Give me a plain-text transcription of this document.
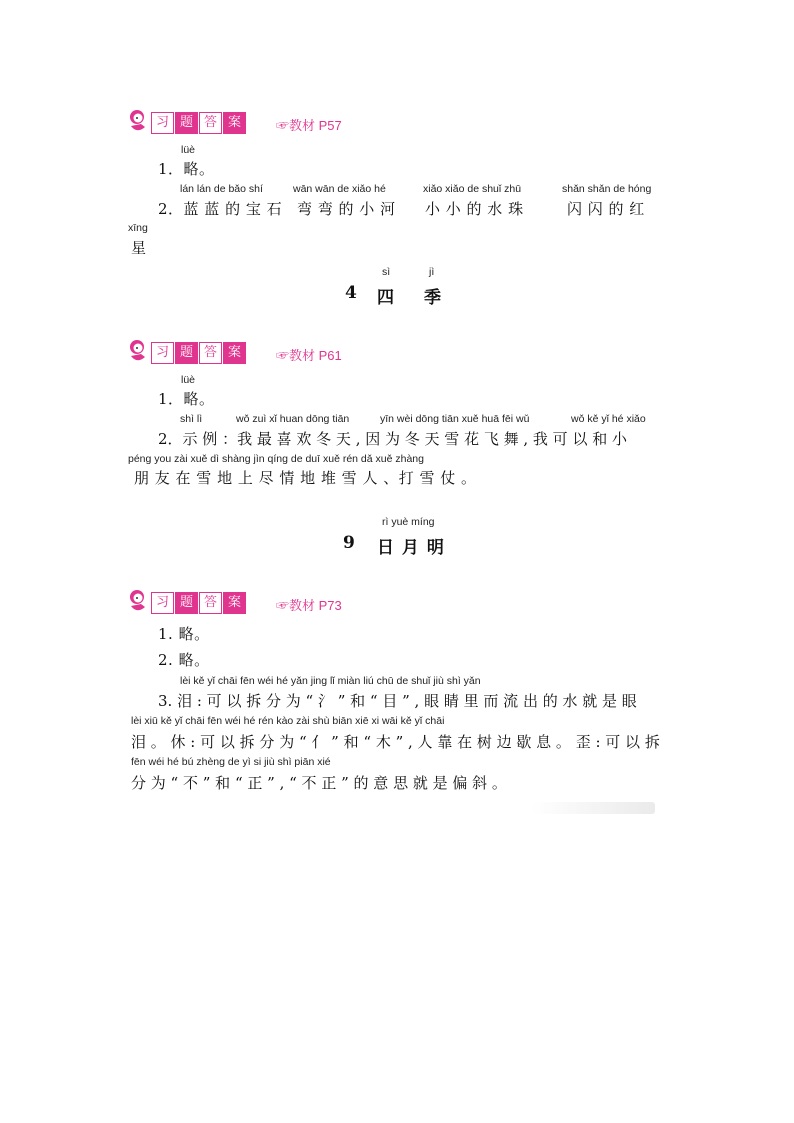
习 题 答 案	☞教材 P57
lüè
1．略。
lán lán de bǎo shí	wān wān de xiǎo hé	xiǎo xiǎo de shuǐ zhū	shǎn shǎn de hóng
2．蓝 蓝 的 宝 石 弯 弯 的 小 河 小 小 的 水 珠	闪 闪 的 红
xīng
星
sì	jì
4 四 季
习 题 答 案	☞教材 P61
lüè
1．略。
shì lì	wǒ zuì xǐ huan dōng tiān	yīn wèi dōng tiān xuě huā fēi wǔ	wǒ kě yǐ hé xiǎo
2．示 例 ：我 最 喜 欢 冬 天 , 因 为 冬 天 雪 花 飞 舞 , 我 可 以 和 小
péng you zài xuě dì shàng jìn qíng de duī xuě rén dǎ xuě zhàng
朋 友 在 雪 地 上 尽 情 地 堆 雪 人 、打 雪 仗 。
rì yuè míng
9 日 月 明
习 题 答 案	☞教材 P73
1. 略。
2. 略。
lèi kě yǐ chāi fēn wéi hé yǎn jing lǐ miàn liú chū de shuǐ jiù shì yǎn
3. 泪 : 可 以 拆 分 为 “ 氵 ” 和 “ 目 ” , 眼 睛 里 而 流 出 的 水 就 是 眼
lèi xiū kě yǐ chāi fēn wéi hé rén kào zài shù biān xiē xi wāi kě yǐ chāi
泪 。 休 : 可 以 拆 分 为 “ 亻 ” 和 “ 木 ” , 人 靠 在 树 边 歇 息 。 歪 : 可 以 拆
fēn wéi hé bú zhèng de yì si jiù shì piān xié
分 为 “ 不 ” 和 “ 正 ” , “ 不 正 ” 的 意 思 就 是 偏 斜 。
